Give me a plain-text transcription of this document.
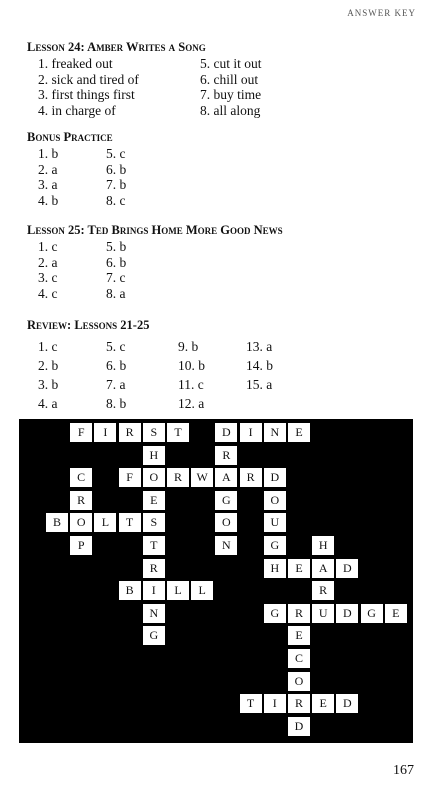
ANSWER KEY
Lesson 24: Amber Writes a Song
1. freaked out	5. cut it out
2. sick and tired of	6. chill out
3. first things first	7. buy time
4. in charge of	8. all along
Bonus Practice
1. b	5. c
2. a	6. b
3. a	7. b
4. b	8. c
Lesson 25: Ted Brings Home More Good News
1. c	5. b
2. a	6. b
3. c	7. c
4. c	8. a
Review: Lessons 21-25
1. c	5. c	9. b	13. a
2. b	6. b	10. b	14. b
3. b	7. a	11. c	15. a
4. a	8. b	12. a
F	I	R	S	T	D	I	N	E
H	R
C	F	O	R	W	A	R	D
R	E	G	O
B	O	L	T	S	O	U
P	T	N	G	H
R	H	E	A	D
B	I	L	L	R
N	G	R	U	D	G	E
G	E
C
O
T	I	R	E	D
D
167
